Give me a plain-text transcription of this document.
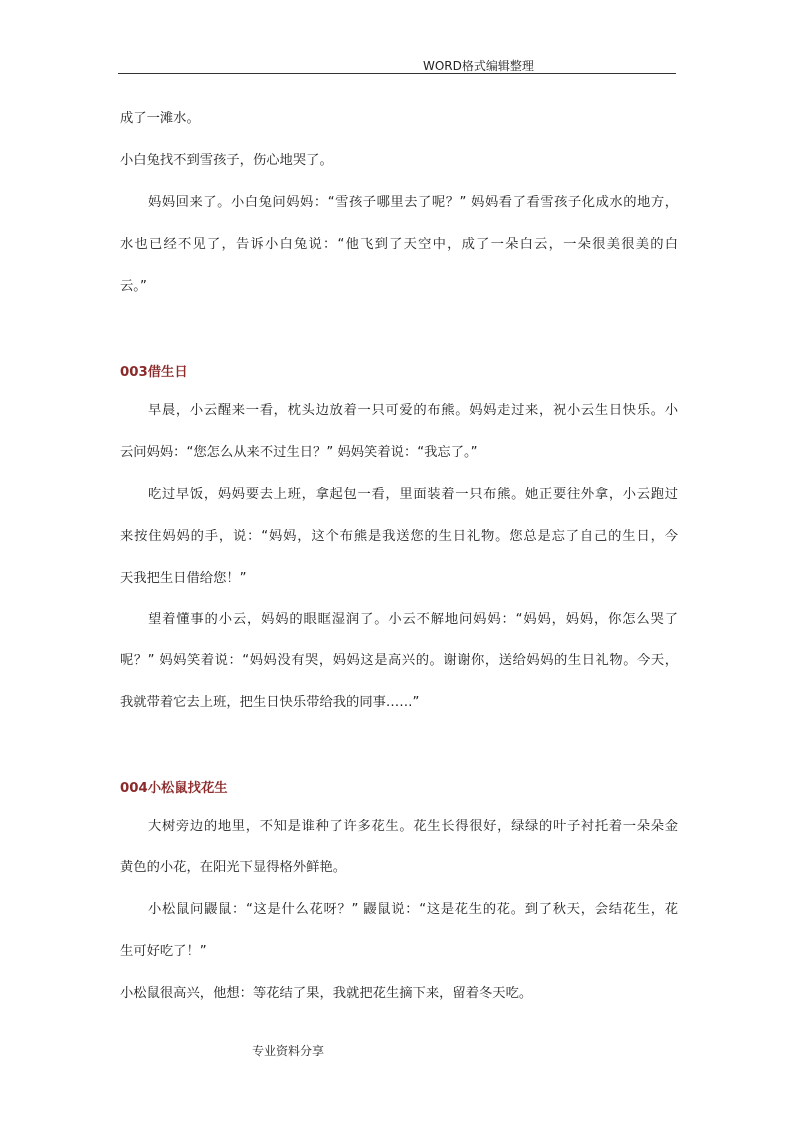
WORD格式编辑整理
成了一滩水。
小白兔找不到雪孩子，伤心地哭了。
妈妈回来了。小白兔问妈妈：“雪孩子哪里去了呢？” 妈妈看了看雪孩子化成水的地方，
水也已经不见了，告诉小白兔说：“他飞到了天空中，成了一朵白云，一朵很美很美的白
云。”
003借生日
早晨，小云醒来一看，枕头边放着一只可爱的布熊。妈妈走过来，祝小云生日快乐。小
云问妈妈：“您怎么从来不过生日？” 妈妈笑着说：“我忘了。”
吃过早饭，妈妈要去上班，拿起包一看，里面装着一只布熊。她正要往外拿，小云跑过
来按住妈妈的手，说：“妈妈，这个布熊是我送您的生日礼物。您总是忘了自己的生日，今
天我把生日借给您！”
望着懂事的小云，妈妈的眼眶湿润了。小云不解地问妈妈：“妈妈，妈妈，你怎么哭了
呢？” 妈妈笑着说：“妈妈没有哭，妈妈这是高兴的。谢谢你，送给妈妈的生日礼物。今天，
我就带着它去上班，把生日快乐带给我的同事……”
004小松鼠找花生
大树旁边的地里，不知是谁种了许多花生。花生长得很好，绿绿的叶子衬托着一朵朵金
黄色的小花，在阳光下显得格外鲜艳。
小松鼠问鼹鼠：“这是什么花呀？” 鼹鼠说：“这是花生的花。到了秋天，会结花生，花
生可好吃了！”
小松鼠很高兴，他想：等花结了果，我就把花生摘下来，留着冬天吃。
专业资料分享
